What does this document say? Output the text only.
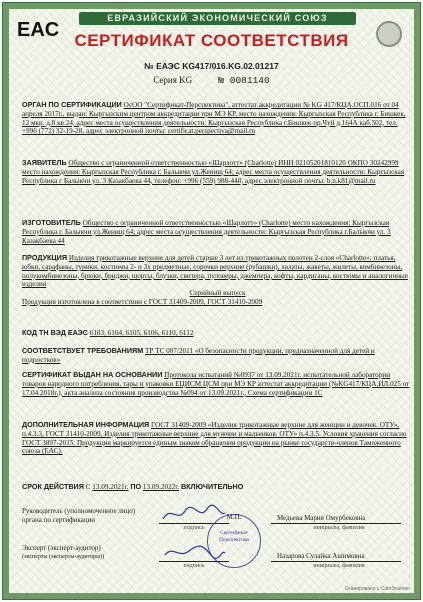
EAC
ЕВРАЗИЙСКИЙ ЭКОНОМИЧЕСКИЙ СОЮЗ
СЕРТИФИКАТ СООТВЕТСТВИЯ
№ ЕАЭС KG417/016.KG.02.01217
Серия KG	№ 0081140
ОРГАН ПО СЕРТИФИКАЦИИ ОсОО "Сертификат-Перспектива", аттестат аккредитации № KG 417/КЦА.ОСП.016 от 04 апреля 2017г., выдан: Кыргызским центром аккредитации при МЭ КР, место нахождения: Кыргызская Республика г. Бишкек, 12 мкр. д.8 кв.24, адрес места осуществления деятельности: Кыргызская Республика г.Бишкек пр.Чуй д.164А каб.502, тел. +996 (772) 32-19-28, адрес электронной почты: certificat.perspectiva@mail.ru
ЗАЯВИТЕЛЬ Общество с ограниченной ответственностью «Шарлотт» (Charlotte) ИНН 02105201810120 ОКПО 30242999 место нахождения: Кыргызская Республика г. Балыкчи ул.Женищ 64; адрес места осуществления деятельности: Кыргызская Республика г Балыкчи ул. 3 Казакбаева 44, телефон: +996 (559) 988-448, адрес электронной почты: b.n.k81@mail.ru
ИЗГОТОВИТЕЛЬ Общество с ограниченной ответственностью «Шарлотт» (Charlotte) место нахождения: Кыргызская Республика г. Балыкчи ул.Женищ 64; адрес места осуществления деятельности: Кыргызская Республика г.Балыкчи ул. 3 Казакбаева 44
ПРОДУКЦИЯ Изделия трикотажные верхние для детей старше 3 лет из трикотажных полотен 2-слоя «Charlotte»: платья, юбки, сарафаны, туники, костюмы 2- и 3х предметные, сорочки верхние (рубашки), халаты, жакеты, жилеты, комбинезоны, полукомбинезоны, брюки, бриджи, шорты, блузки, свитера, пуловеры, джемпера, кофты, кардиганы, костюмы и аналогичные изделия
Серийный выпуск
Продукция изготовлена в соответствии с ГОСТ 31409-2009, ГОСТ 31410-2009
КОД ТН ВЭД ЕАЭС 6103, 6104, 6105, 6106, 6110, 6112
СООТВЕТСТВУЕТ ТРЕБОВАНИЯМ ТР ТС 007/2011 «О безопасности продукции, предназначенной для детей и подростков»
СЕРТИФИКАТ ВЫДАН НА ОСНОВАНИИ Протокола испытаний №0937 от 13.09.2021г. испытательной лаборатории товаров народного потребления, тары и упаковки ЕЦИСМ ЦСМ при МЭ КР аттестат аккредитации (№KG417/КЦА.ИЛ.025 от 17.04.2018г.), акта анализа состояния производства №094 от 13.09.2021г., Схема сертификации 1С
ДОПОЛНИТЕЛЬНАЯ ИНФОРМАЦИЯ ГОСТ 31409-2009 «Изделия трикотажные верхние для женщин и девочек. ОТУ», п.4.3.3, ГОСТ 31410-2009, Изделия трикотажные верхние для мужчин и мальчиков. ОТУ» п.4.3.5. Условия хранения согласно ГОСТ 3897-2015. Продукция маркируется единым знаком обращения продукции на рынке государств-членов Таможенного союза (ЕАС).
СРОК ДЕЙСТВИЯ С 13.09.2021г. ПО 13.09.2022г. ВКЛЮЧИТЕЛЬНО
Руководитель (уполномоченное лицо)
органа по сертификации
подпись
Медьева Мария Омурбековна
инициалы, фамилия
М.П.
Сертификат Перспектива
Эксперт (эксперт-аудитор)
(эксперты (эксперты-аудиторы))
подпись
Назарова Сулайка Ашимовна
инициалы, фамилия
Сканировано с CamScanner
